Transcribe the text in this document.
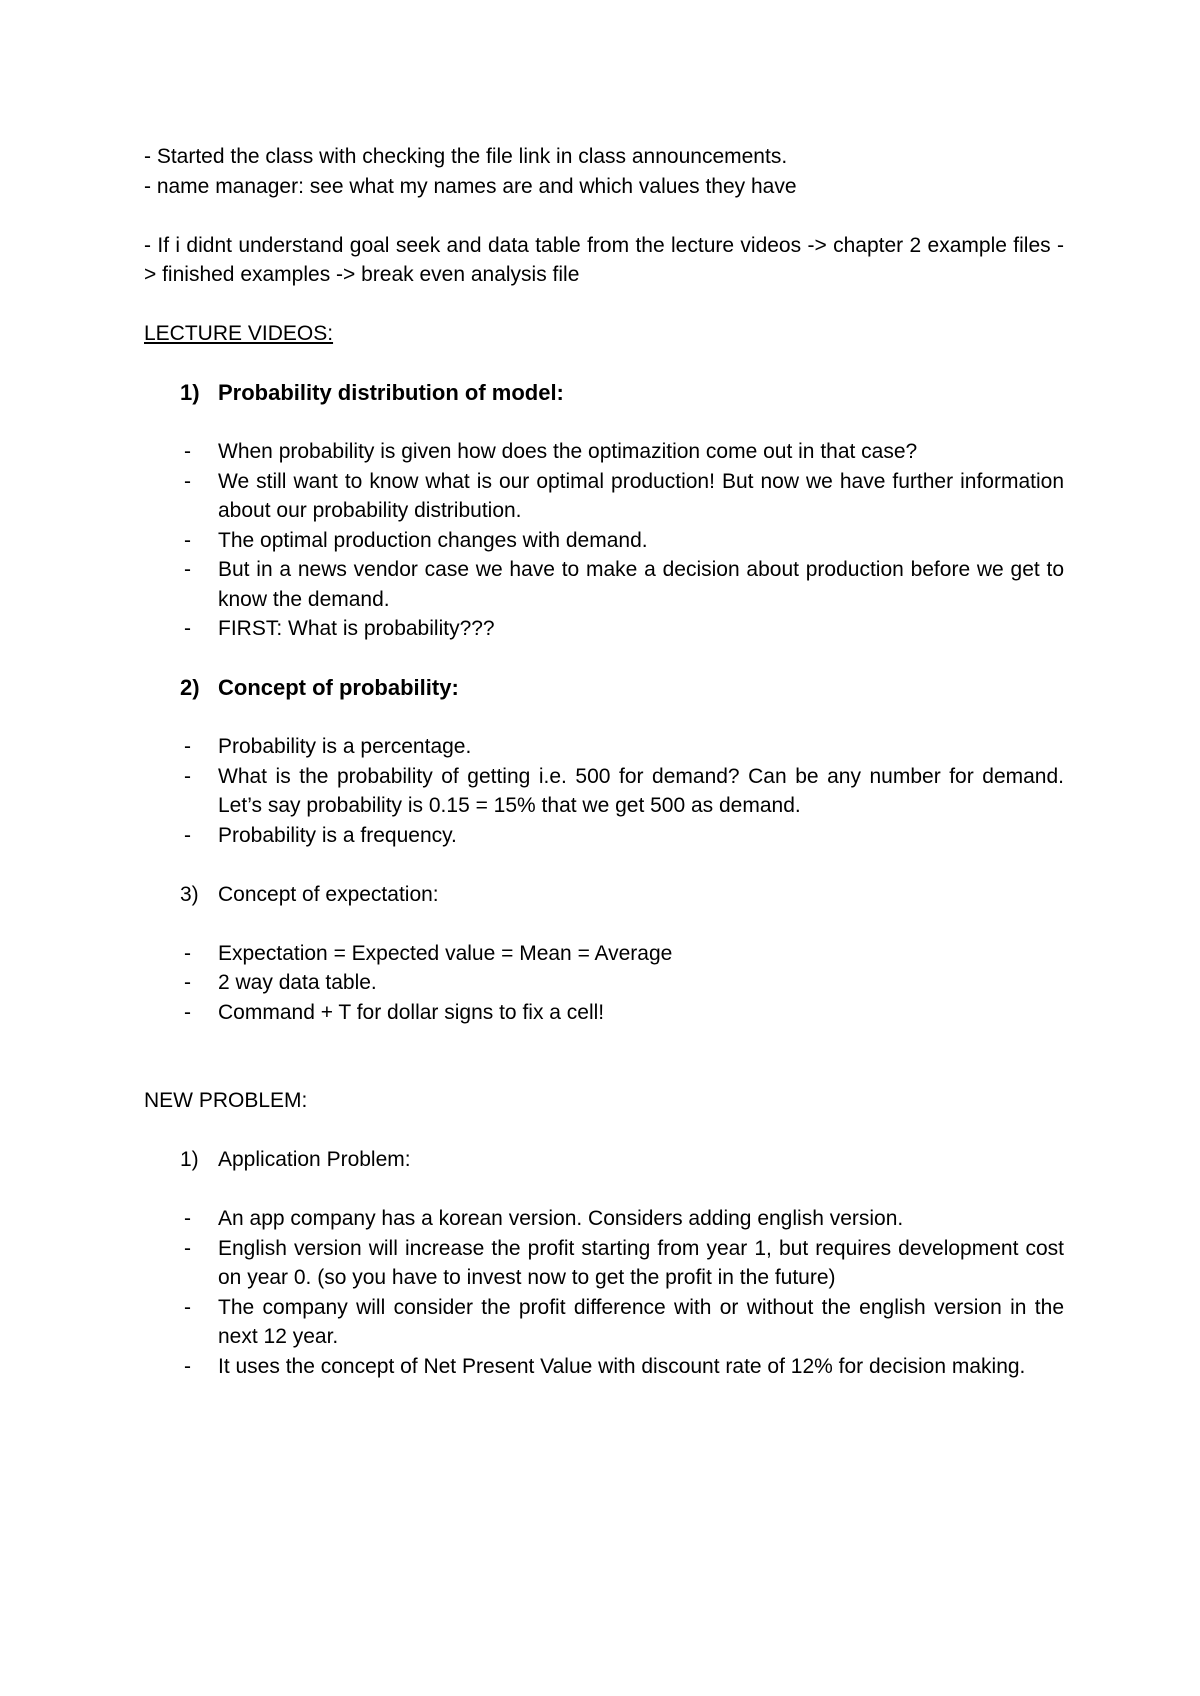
- Started the class with checking the file link in class announcements.

- name manager: see what my names are and which values they have

- If i didnt understand goal seek and data table from the lecture videos -> chapter 2 example files -> finished examples -> break even analysis file

LECTURE VIDEOS:

1) Probability distribution of model:
-	When probability is given how does the optimazition come out in that case?
-	We still want to know what is our optimal production! But now we have further information about our probability distribution.
-	The optimal production changes with demand.
-	But in a news vendor case we have to make a decision about production before we get to know the demand.
-	FIRST: What is probability???
2) Concept of probability:
-	Probability is a percentage.
-	What is the probability of getting i.e. 500 for demand? Can be any number for demand. Let’s say probability is 0.15 = 15% that we get 500 as demand.
-	Probability is a frequency.
3) Concept of expectation:
-	Expectation = Expected value = Mean = Average
-	2 way data table.
-	Command + T for dollar signs to fix a cell!

NEW PROBLEM:

1) Application Problem:
-	An app company has a korean version. Considers adding english version.
-	English version will increase the profit starting from year 1, but requires development cost on year 0. (so you have to invest now to get the profit in the future)
-	The company will consider the profit difference with or without the english version in the next 12 year.
-	It uses the concept of Net Present Value with discount rate of 12% for decision making.
